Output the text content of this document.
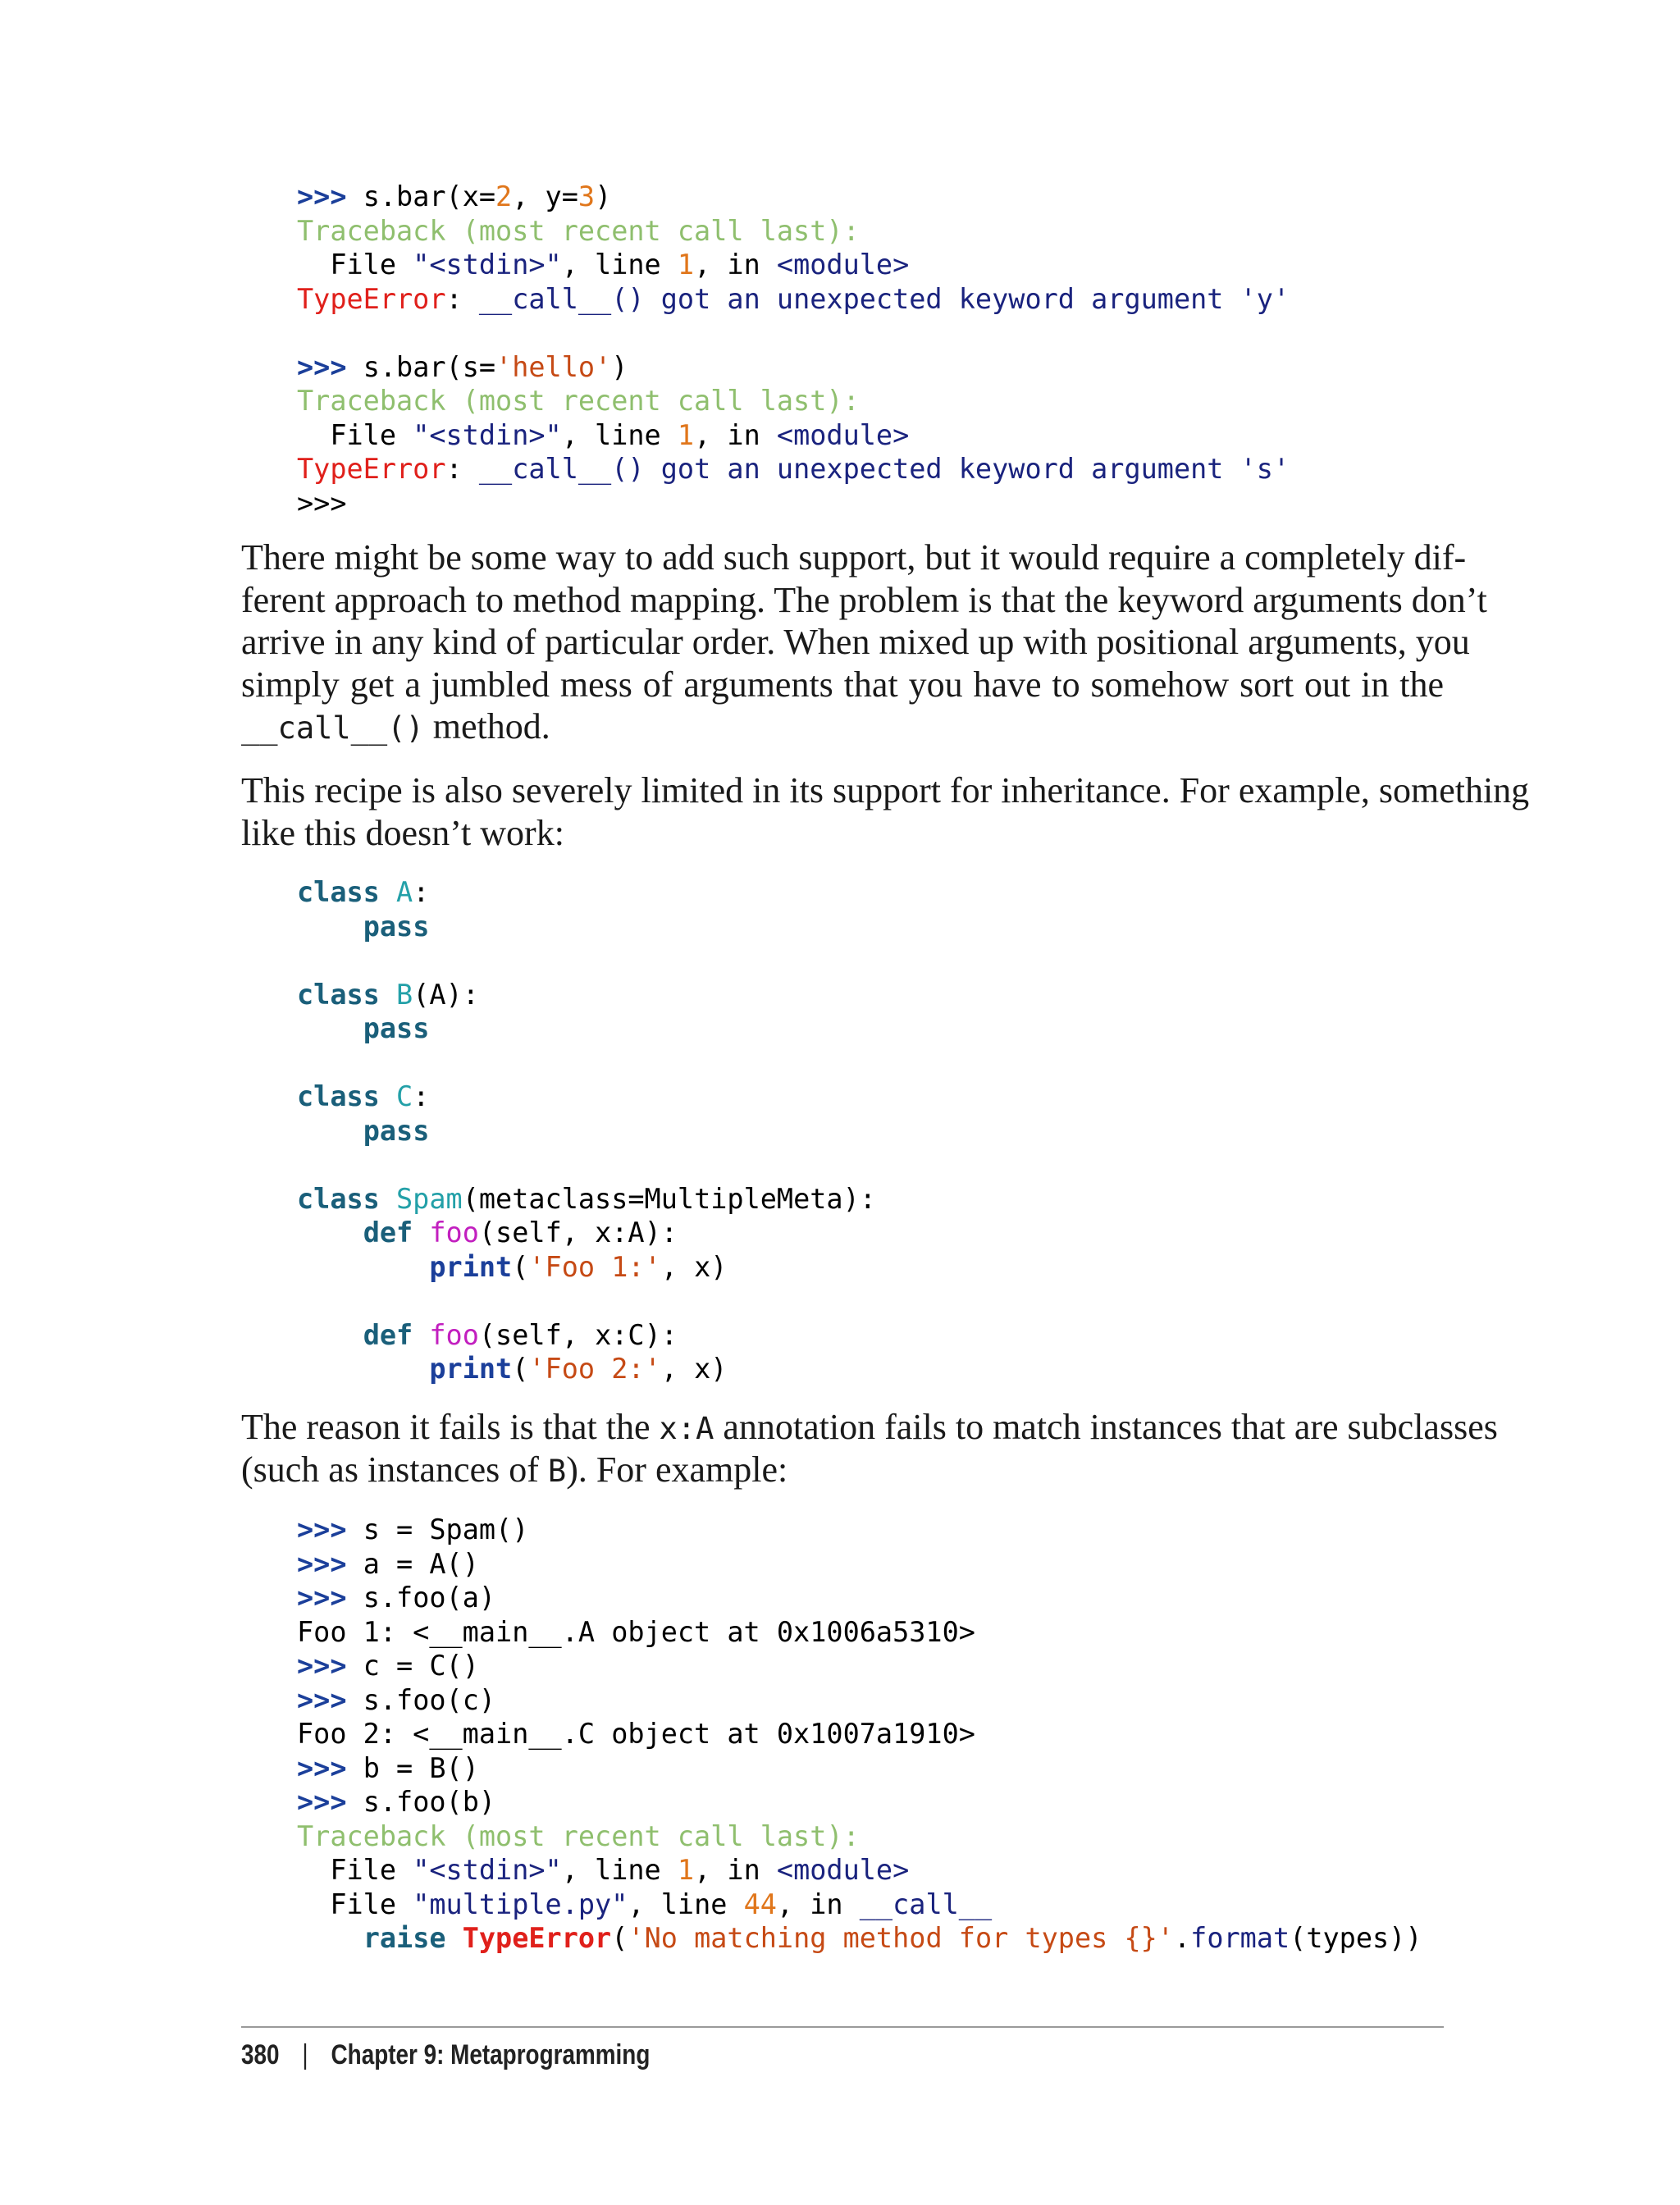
>>> s.bar(x=2, y=3)
Traceback (most recent call last):
File "<stdin>", line 1, in <module>
TypeError: __call__() got an unexpected keyword argument 'y'
>>> s.bar(s='hello')
Traceback (most recent call last):
File "<stdin>", line 1, in <module>
TypeError: __call__() got an unexpected keyword argument 's'
>>>
There might be some way to add such support, but it would require a completely dif-
ferent approach to method mapping. The problem is that the keyword arguments don’t
arrive in any kind of particular order. When mixed up with positional arguments, you
simply get a jumbled mess of arguments that you have to somehow sort out in the
__call__() method.
This recipe is also severely limited in its support for inheritance. For example, something
like this doesn’t work:
class A:
pass
class B(A):
pass
class C:
pass
class Spam(metaclass=MultipleMeta):
def foo(self, x:A):
print('Foo 1:', x)
def foo(self, x:C):
print('Foo 2:', x)
The reason it fails is that the x:A annotation fails to match instances that are subclasses
(such as instances of B). For example:
>>> s = Spam()
>>> a = A()
>>> s.foo(a)
Foo 1: <__main__.A object at 0x1006a5310>
>>> c = C()
>>> s.foo(c)
Foo 2: <__main__.C object at 0x1007a1910>
>>> b = B()
>>> s.foo(b)
Traceback (most recent call last):
File "<stdin>", line 1, in <module>
File "multiple.py", line 44, in __call__
raise TypeError('No matching method for types {}'.format(types))
380 | Chapter 9: Metaprogramming
